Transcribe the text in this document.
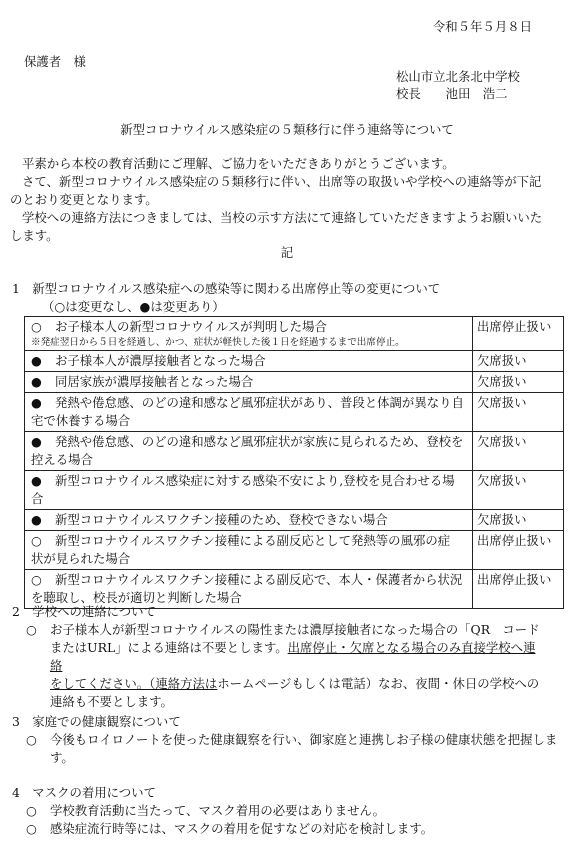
令和５年５月８日
保護者　様
松山市立北条北中学校
校長　　池田　浩二
新型コロナウイルス感染症の５類移行に伴う連絡等について
平素から本校の教育活動にご理解、ご協力をいただきありがとうございます。
さて、新型コロナウイルス感染症の５類移行に伴い、出席等の取扱いや学校への連絡等が下記のとおり変更となります。
学校への連絡方法につきましては、当校の示す方法にて連絡していただきますようお願いいたします。
記
1　新型コロナウイルス感染症への感染等に関わる出席停止等の変更について
（○は変更なし、●は変更あり）
○ お子様本人の新型コロナウイルスが判明した場合
※発症翌日から５日を経過し、かつ、症状が軽快した後１日を経過するまで出席停止。	出席停止扱い
● お子様本人が濃厚接触者となった場合	欠席扱い
● 同居家族が濃厚接触者となった場合	欠席扱い
● 発熱や倦怠感、のどの違和感など風邪症状があり、普段と体調が異なり自
宅で休養する場合	欠席扱い
● 発熱や倦怠感、のどの違和感など風邪症状が家族に見られるため、登校を
控える場合	欠席扱い
● 新型コロナウイルス感染症に対する感染不安により,登校を見合わせる場
合	欠席扱い
● 新型コロナウイルスワクチン接種のため、登校できない場合	欠席扱い
○ 新型コロナウイルスワクチン接種による副反応として発熱等の風邪の症
状が見られた場合	出席停止扱い
○ 新型コロナウイルスワクチン接種による副反応で、本人・保護者から状況
を聴取し、校長が適切と判断した場合	出席停止扱い
2　学校への連絡について
○ お子様本人が新型コロナウイルスの陽性または濃厚接触者になった場合の「QR　コード
またはURL」による連絡は不要とします。出席停止・欠席となる場合のみ直接学校へ連絡
をしてください。（連絡方法はホームページもしくは電話）なお、夜間・休日の学校への
連絡も不要とします。
3　家庭での健康観察について
○ 今後もロイロノートを使った健康観察を行い、御家庭と連携しお子様の健康状態を把握します。
4　マスクの着用について
○ 学校教育活動に当たって、マスク着用の必要はありません。
○ 感染症流行時等には、マスクの着用を促すなどの対応を検討します。
